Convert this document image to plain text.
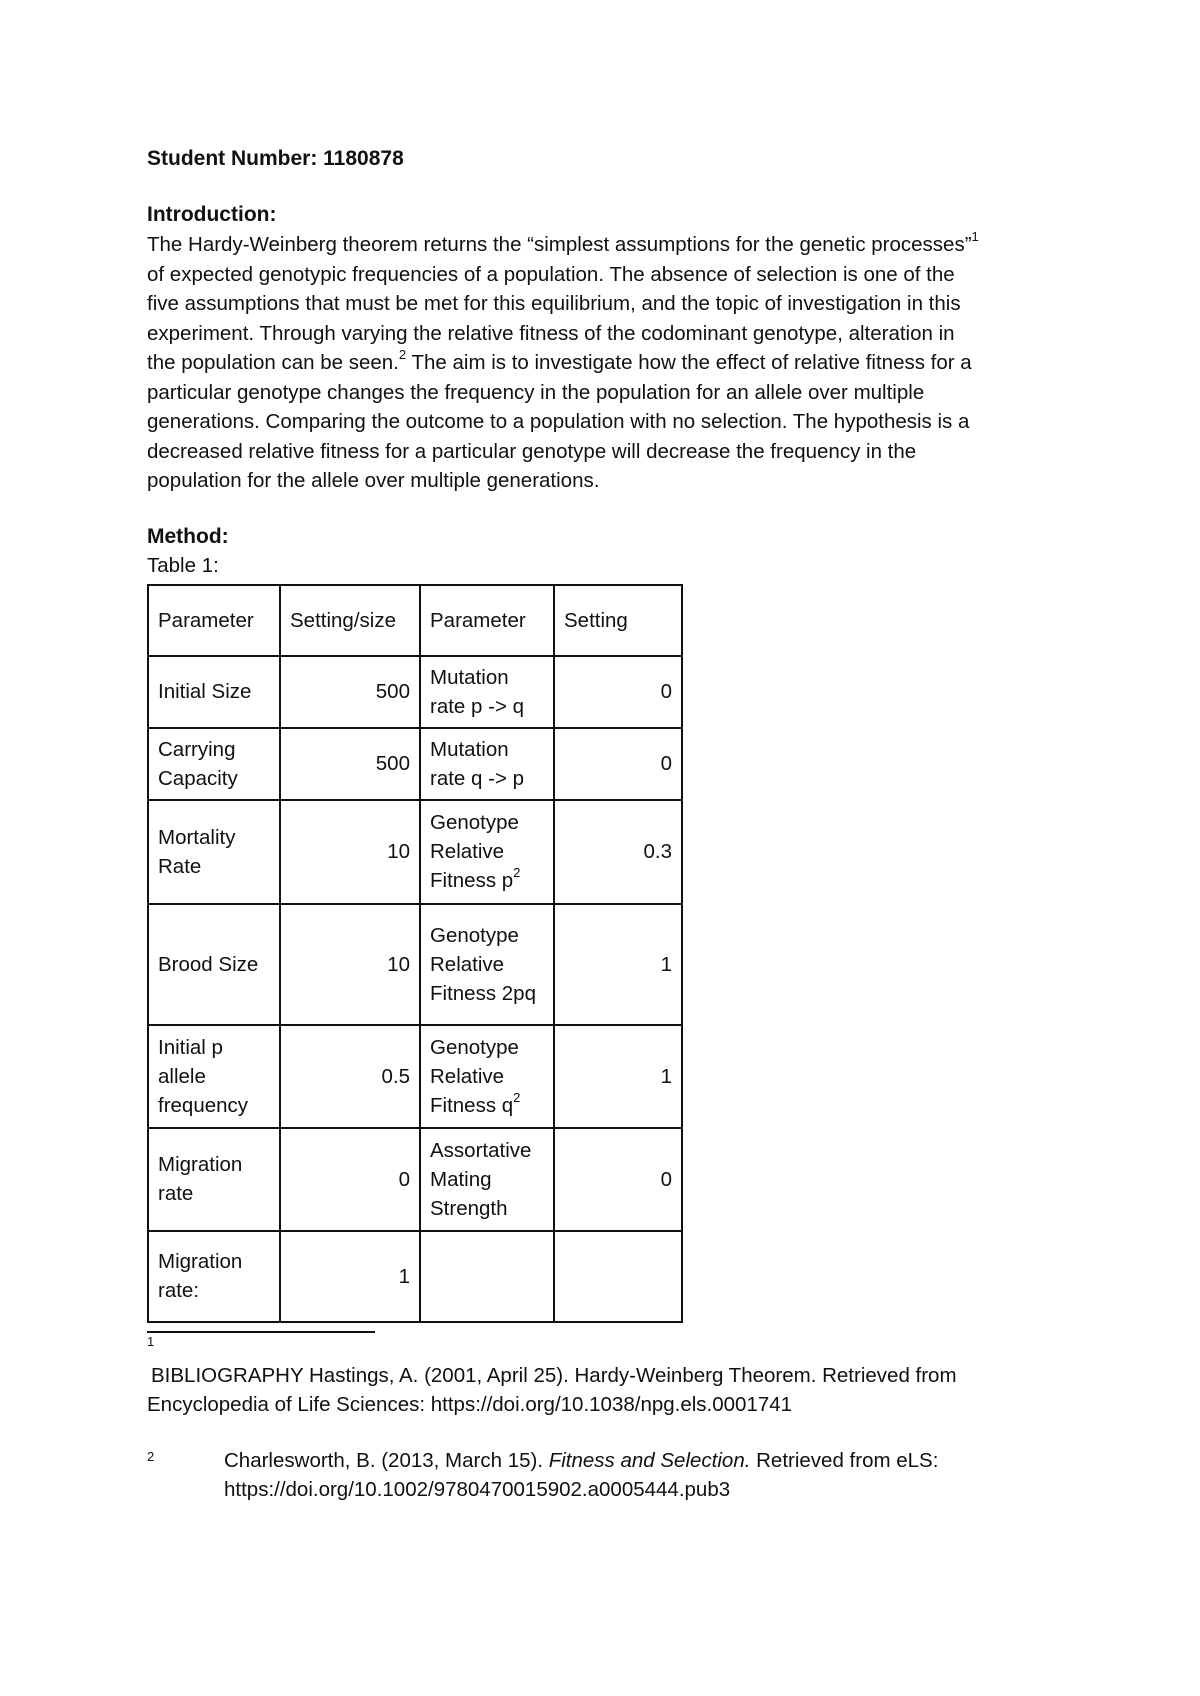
Student Number: 1180878
Introduction:
The Hardy-Weinberg theorem returns the “simplest assumptions for the genetic processes”$^1$
of expected genotypic frequencies of a population. The absence of selection is one of the
five assumptions that must be met for this equilibrium, and the topic of investigation in this
experiment. Through varying the relative fitness of the codominant genotype, alteration in
the population can be seen.$^2$ The aim is to investigate how the effect of relative fitness for a
particular genotype changes the frequency in the population for an allele over multiple
generations. Comparing the outcome to a population with no selection. The hypothesis is a
decreased relative fitness for a particular genotype will decrease the frequency in the
population for the allele over multiple generations.
Method:
Table 1:
Parameter	Setting/size	Parameter	Setting
Initial Size	500	Mutation rate p -> q	0
Carrying Capacity	500	Mutation rate q -> p	0
Mortality Rate	10	Genotype Relative Fitness $p^2$	0.3
Brood Size	10	Genotype Relative Fitness 2pq	1
Initial p allele frequency	0.5	Genotype Relative Fitness $q^2$	1
Migration rate	0	Assortative Mating Strength	0
Migration rate:	1		
1
BIBLIOGRAPHY Hastings, A. (2001, April 25). Hardy-Weinberg Theorem. Retrieved from
Encyclopedia of Life Sciences: https://doi.org/10.1038/npg.els.0001741
2	Charlesworth, B. (2013, March 15). Fitness and Selection. Retrieved from eLS:
https://doi.org/10.1002/9780470015902.a0005444.pub3
